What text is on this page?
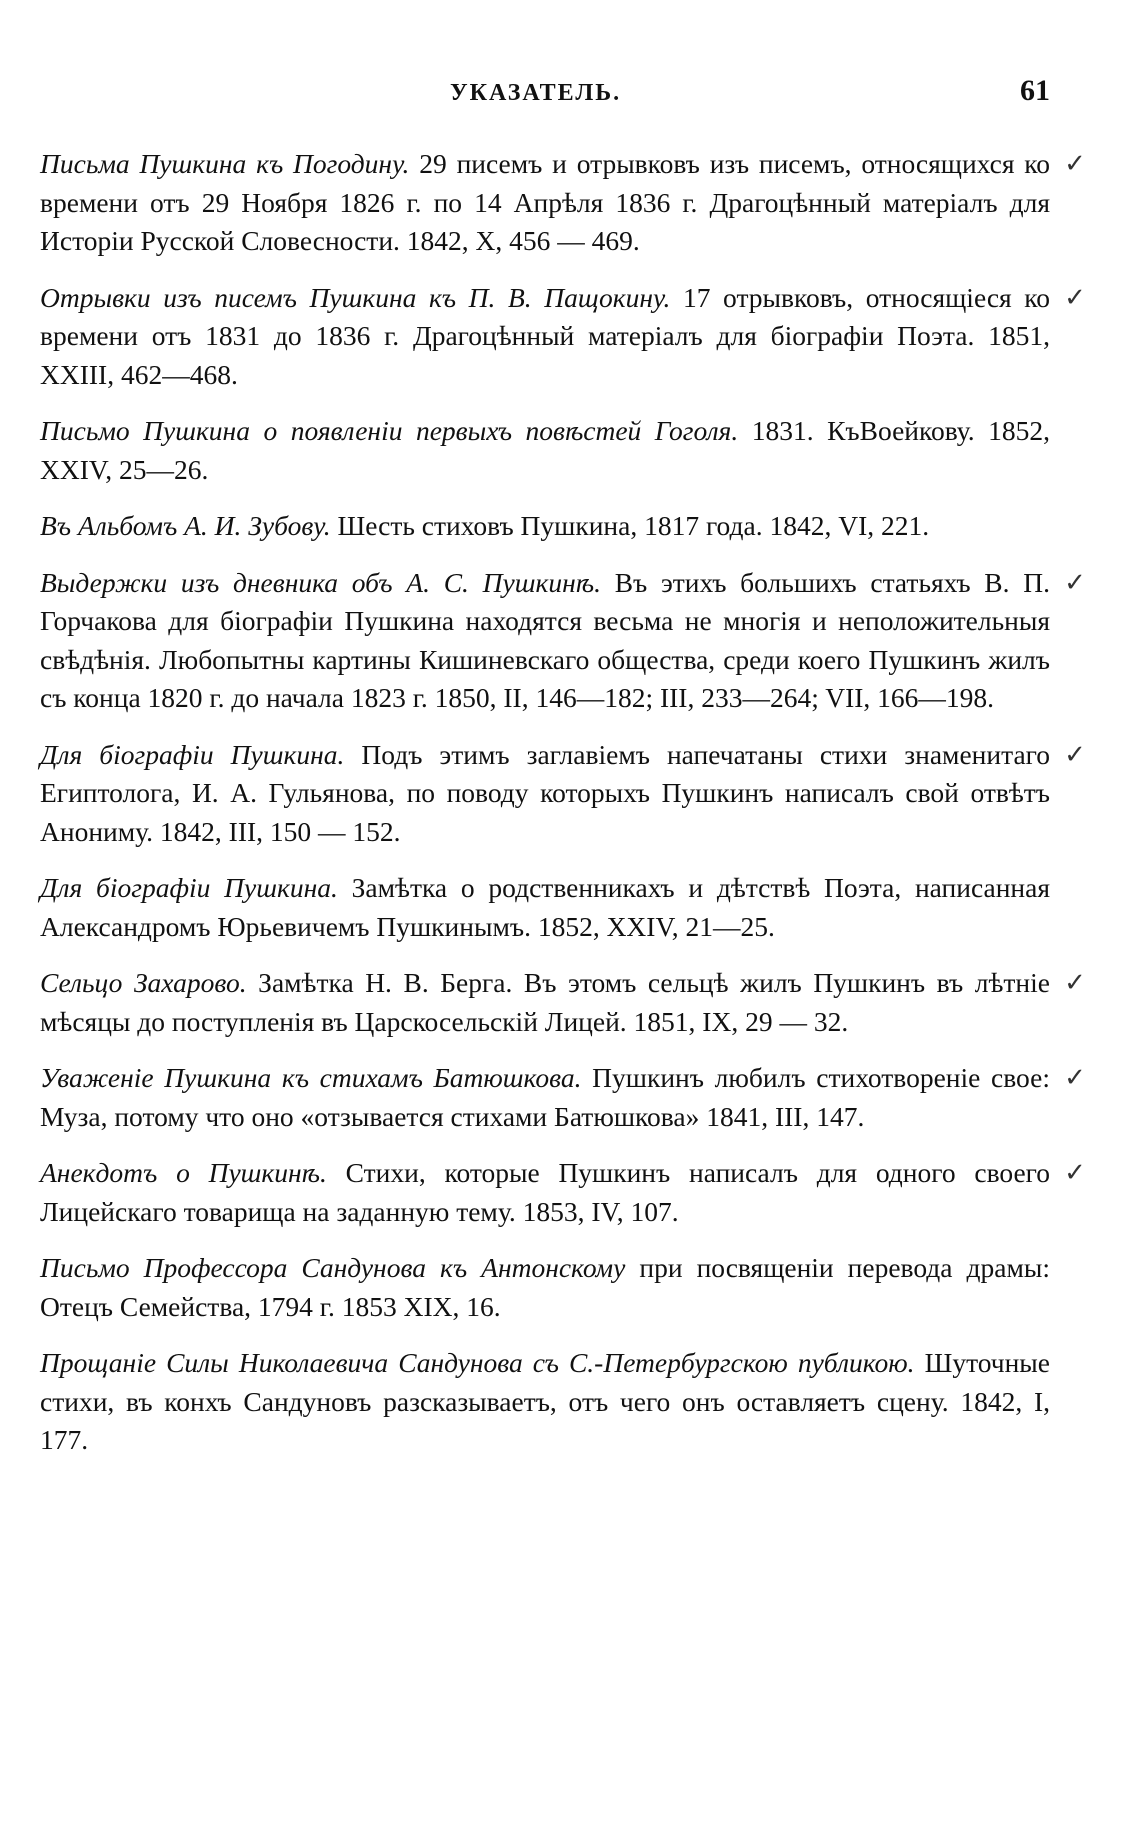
УКАЗАТЕЛЬ.	61

Письма Пушкина къ Погодину. 29 писемъ и отрывковъ изъ писемъ, относящихся ко времени отъ 29 Ноября 1826 г. по 14 Апрѣля 1836 г. Драгоцѣнный матеріалъ для Исторіи Русской Словесности. 1842, X, 456 — 469.
✓

Отрывки изъ писемъ Пушкина къ П. В. Пащокину. 17 отрывковъ, относящіеся ко времени отъ 1831 до 1836 г. Драгоцѣнный матеріалъ для біографіи Поэта. 1851, XXIII, 462—468.
✓

Письмо Пушкина о появленіи первыхъ повѣстей Гоголя. 1831. КъВоейкову. 1852, XXIV, 25—26.

Въ Альбомъ А. И. Зубову. Шесть стиховъ Пушкина, 1817 года. 1842, VI, 221.

Выдержки изъ дневника объ А. С. Пушкинѣ. Въ этихъ большихъ статьяхъ В. П. Горчакова для біографіи Пушкина находятся весьма не многія и неположительныя свѣдѣнія. Любопытны картины Кишиневскаго общества, среди коего Пушкинъ жилъ съ конца 1820 г. до начала 1823 г. 1850, II, 146—182; III, 233—264; VII, 166—198.
✓

Для біографіи Пушкина. Подъ этимъ заглавіемъ напечатаны стихи знаменитаго Египтолога, И. А. Гульянова, по поводу которыхъ Пушкинъ написалъ свой отвѣтъ Анониму. 1842, III, 150 — 152.
✓

Для біографіи Пушкина. Замѣтка о родственникахъ и дѣтствѣ Поэта, написанная Александромъ Юрьевичемъ Пушкинымъ. 1852, XXIV, 21—25.

Сельцо Захарово. Замѣтка Н. В. Берга. Въ этомъ сельцѣ жилъ Пушкинъ въ лѣтніе мѣсяцы до поступленія въ Царскосельскій Лицей. 1851, IX, 29 — 32.
✓

Уваженіе Пушкина къ стихамъ Батюшкова. Пушкинъ любилъ стихотвореніе свое: Муза, потому что оно «отзывается стихами Батюшкова» 1841, III, 147.
✓

Анекдотъ о Пушкинѣ. Стихи, которые Пушкинъ написалъ для одного своего Лицейскаго товарища на заданную тему. 1853, IV, 107.
✓

Письмо Профессора Сандунова къ Антонскому при посвященіи перевода драмы: Отецъ Семейства, 1794 г. 1853 XIX, 16.

Прощаніе Силы Николаевича Сандунова съ С.-Петербургскою публикою. Шуточные стихи, въ конхъ Сандуновъ разсказываетъ, отъ чего онъ оставляетъ сцену. 1842, I, 177.
